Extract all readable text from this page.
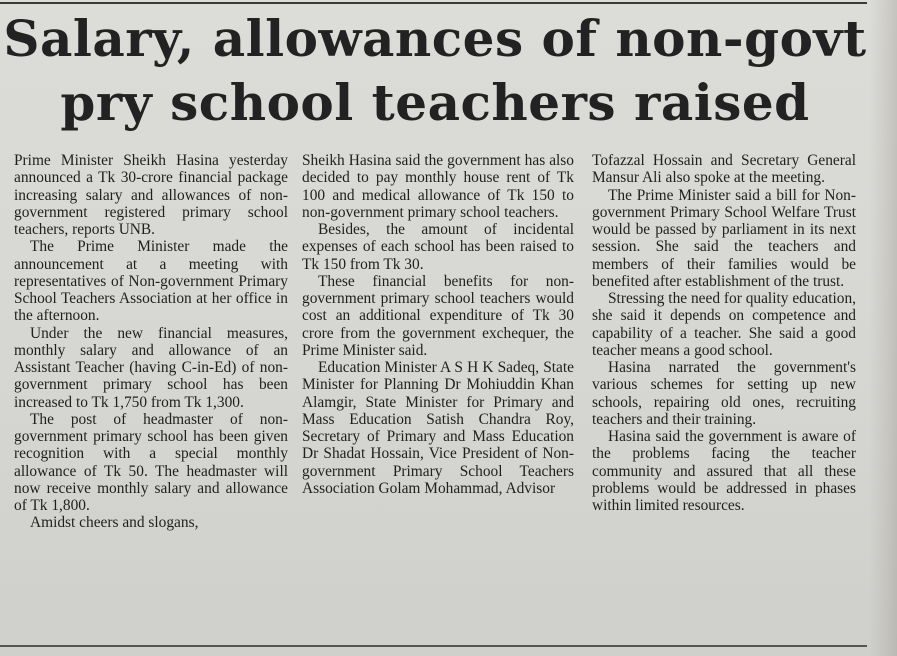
Salary, allowances of non-govt
pry school teachers raised

Prime Minister Sheikh Hasina yesterday announced a Tk 30-crore financial package increasing salary and allowances of non-government registered primary school teachers, reports UNB.

The Prime Minister made the announcement at a meeting with representatives of Non-government Primary School Teachers Association at her office in the afternoon.

Under the new financial measures, monthly salary and allowance of an Assistant Teacher (having C-in-Ed) of non-government primary school has been increased to Tk 1,750 from Tk 1,300.

The post of headmaster of non-government primary school has been given recognition with a special monthly allowance of Tk 50. The headmaster will now receive monthly salary and allowance of Tk 1,800.

Amidst cheers and slogans,

Sheikh Hasina said the government has also decided to pay monthly house rent of Tk 100 and medical allowance of Tk 150 to non-government primary school teachers.

Besides, the amount of incidental expenses of each school has been raised to Tk 150 from Tk 30.

These financial benefits for non-government primary school teachers would cost an additional expenditure of Tk 30 crore from the government exchequer, the Prime Minister said.

Education Minister A S H K Sadeq, State Minister for Planning Dr Mohiuddin Khan Alamgir, State Minister for Primary and Mass Education Satish Chandra Roy, Secretary of Primary and Mass Education Dr Shadat Hossain, Vice President of Non-government Primary School Teachers Association Golam Mohammad, Advisor

Tofazzal Hossain and Secretary General Mansur Ali also spoke at the meeting.

The Prime Minister said a bill for Non-government Primary School Welfare Trust would be passed by parliament in its next session. She said the teachers and members of their families would be benefited after establishment of the trust.

Stressing the need for quality education, she said it depends on competence and capability of a teacher. She said a good teacher means a good school.

Hasina narrated the government's various schemes for setting up new schools, repairing old ones, recruiting teachers and their training.

Hasina said the government is aware of the problems facing the teacher community and assured that all these problems would be addressed in phases within limited resources.
